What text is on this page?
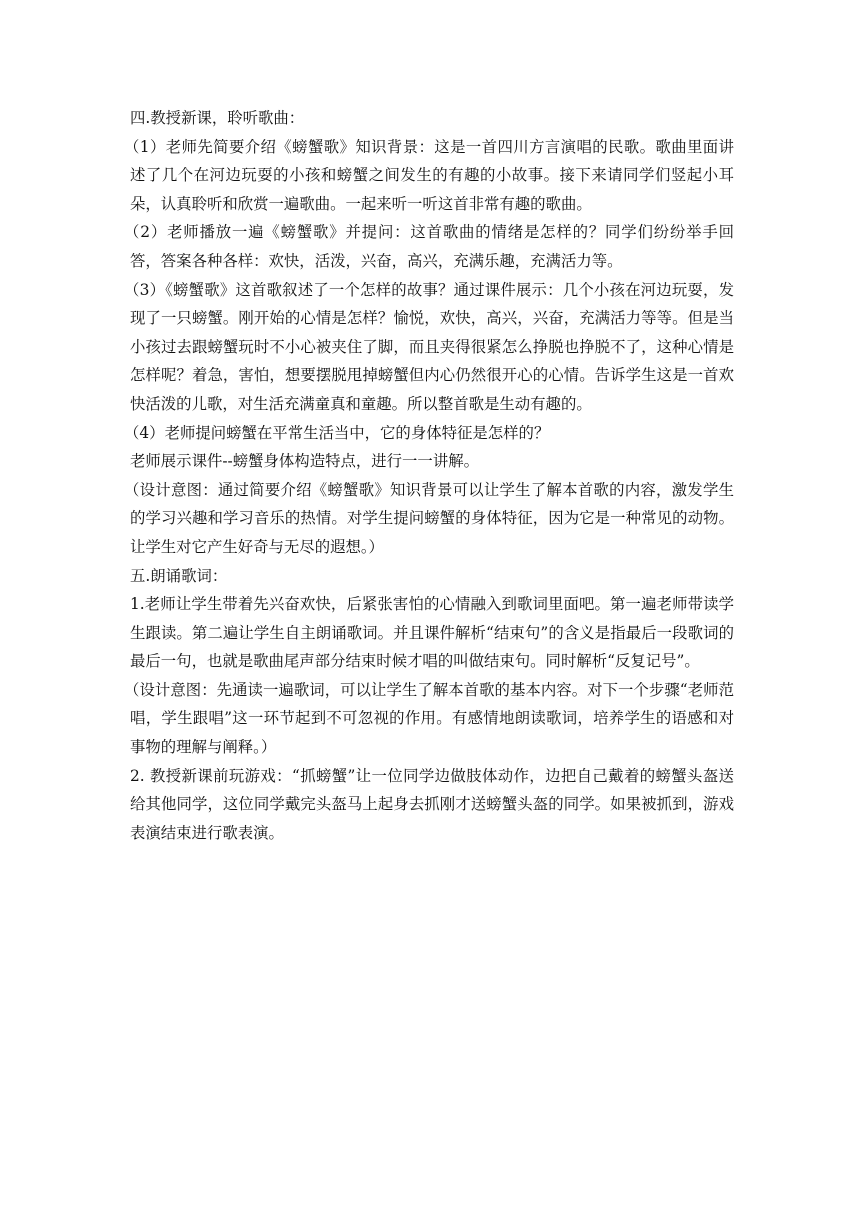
四.教授新课，聆听歌曲：

（1）老师先简要介绍《螃蟹歌》知识背景：这是一首四川方言演唱的民歌。歌曲里面讲述了几个在河边玩耍的小孩和螃蟹之间发生的有趣的小故事。接下来请同学们竖起小耳朵，认真聆听和欣赏一遍歌曲。一起来听一听这首非常有趣的歌曲。

（2）老师播放一遍《螃蟹歌》并提问：这首歌曲的情绪是怎样的？同学们纷纷举手回答，答案各种各样：欢快，活泼，兴奋，高兴，充满乐趣，充满活力等。

（3）《螃蟹歌》这首歌叙述了一个怎样的故事？通过课件展示：几个小孩在河边玩耍，发现了一只螃蟹。刚开始的心情是怎样？愉悦，欢快，高兴，兴奋，充满活力等等。但是当小孩过去跟螃蟹玩时不小心被夹住了脚，而且夹得很紧怎么挣脱也挣脱不了，这种心情是怎样呢？着急，害怕，想要摆脱甩掉螃蟹但内心仍然很开心的心情。告诉学生这是一首欢快活泼的儿歌，对生活充满童真和童趣。所以整首歌是生动有趣的。

（4）老师提问螃蟹在平常生活当中，它的身体特征是怎样的？

老师展示课件--螃蟹身体构造特点，进行一一讲解。

（设计意图：通过简要介绍《螃蟹歌》知识背景可以让学生了解本首歌的内容，激发学生的学习兴趣和学习音乐的热情。对学生提问螃蟹的身体特征，因为它是一种常见的动物。让学生对它产生好奇与无尽的遐想。）

五.朗诵歌词：

1.老师让学生带着先兴奋欢快，后紧张害怕的心情融入到歌词里面吧。第一遍老师带读学生跟读。第二遍让学生自主朗诵歌词。并且课件解析“结束句”的含义是指最后一段歌词的最后一句，也就是歌曲尾声部分结束时候才唱的叫做结束句。同时解析“反复记号”。

（设计意图：先通读一遍歌词，可以让学生了解本首歌的基本内容。对下一个步骤“老师范唱，学生跟唱”这一环节起到不可忽视的作用。有感情地朗读歌词，培养学生的语感和对事物的理解与阐释。）

2. 教授新课前玩游戏：“抓螃蟹”让一位同学边做肢体动作，边把自己戴着的螃蟹头盔送给其他同学，这位同学戴完头盔马上起身去抓刚才送螃蟹头盔的同学。如果被抓到，游戏表演结束进行歌表演。
